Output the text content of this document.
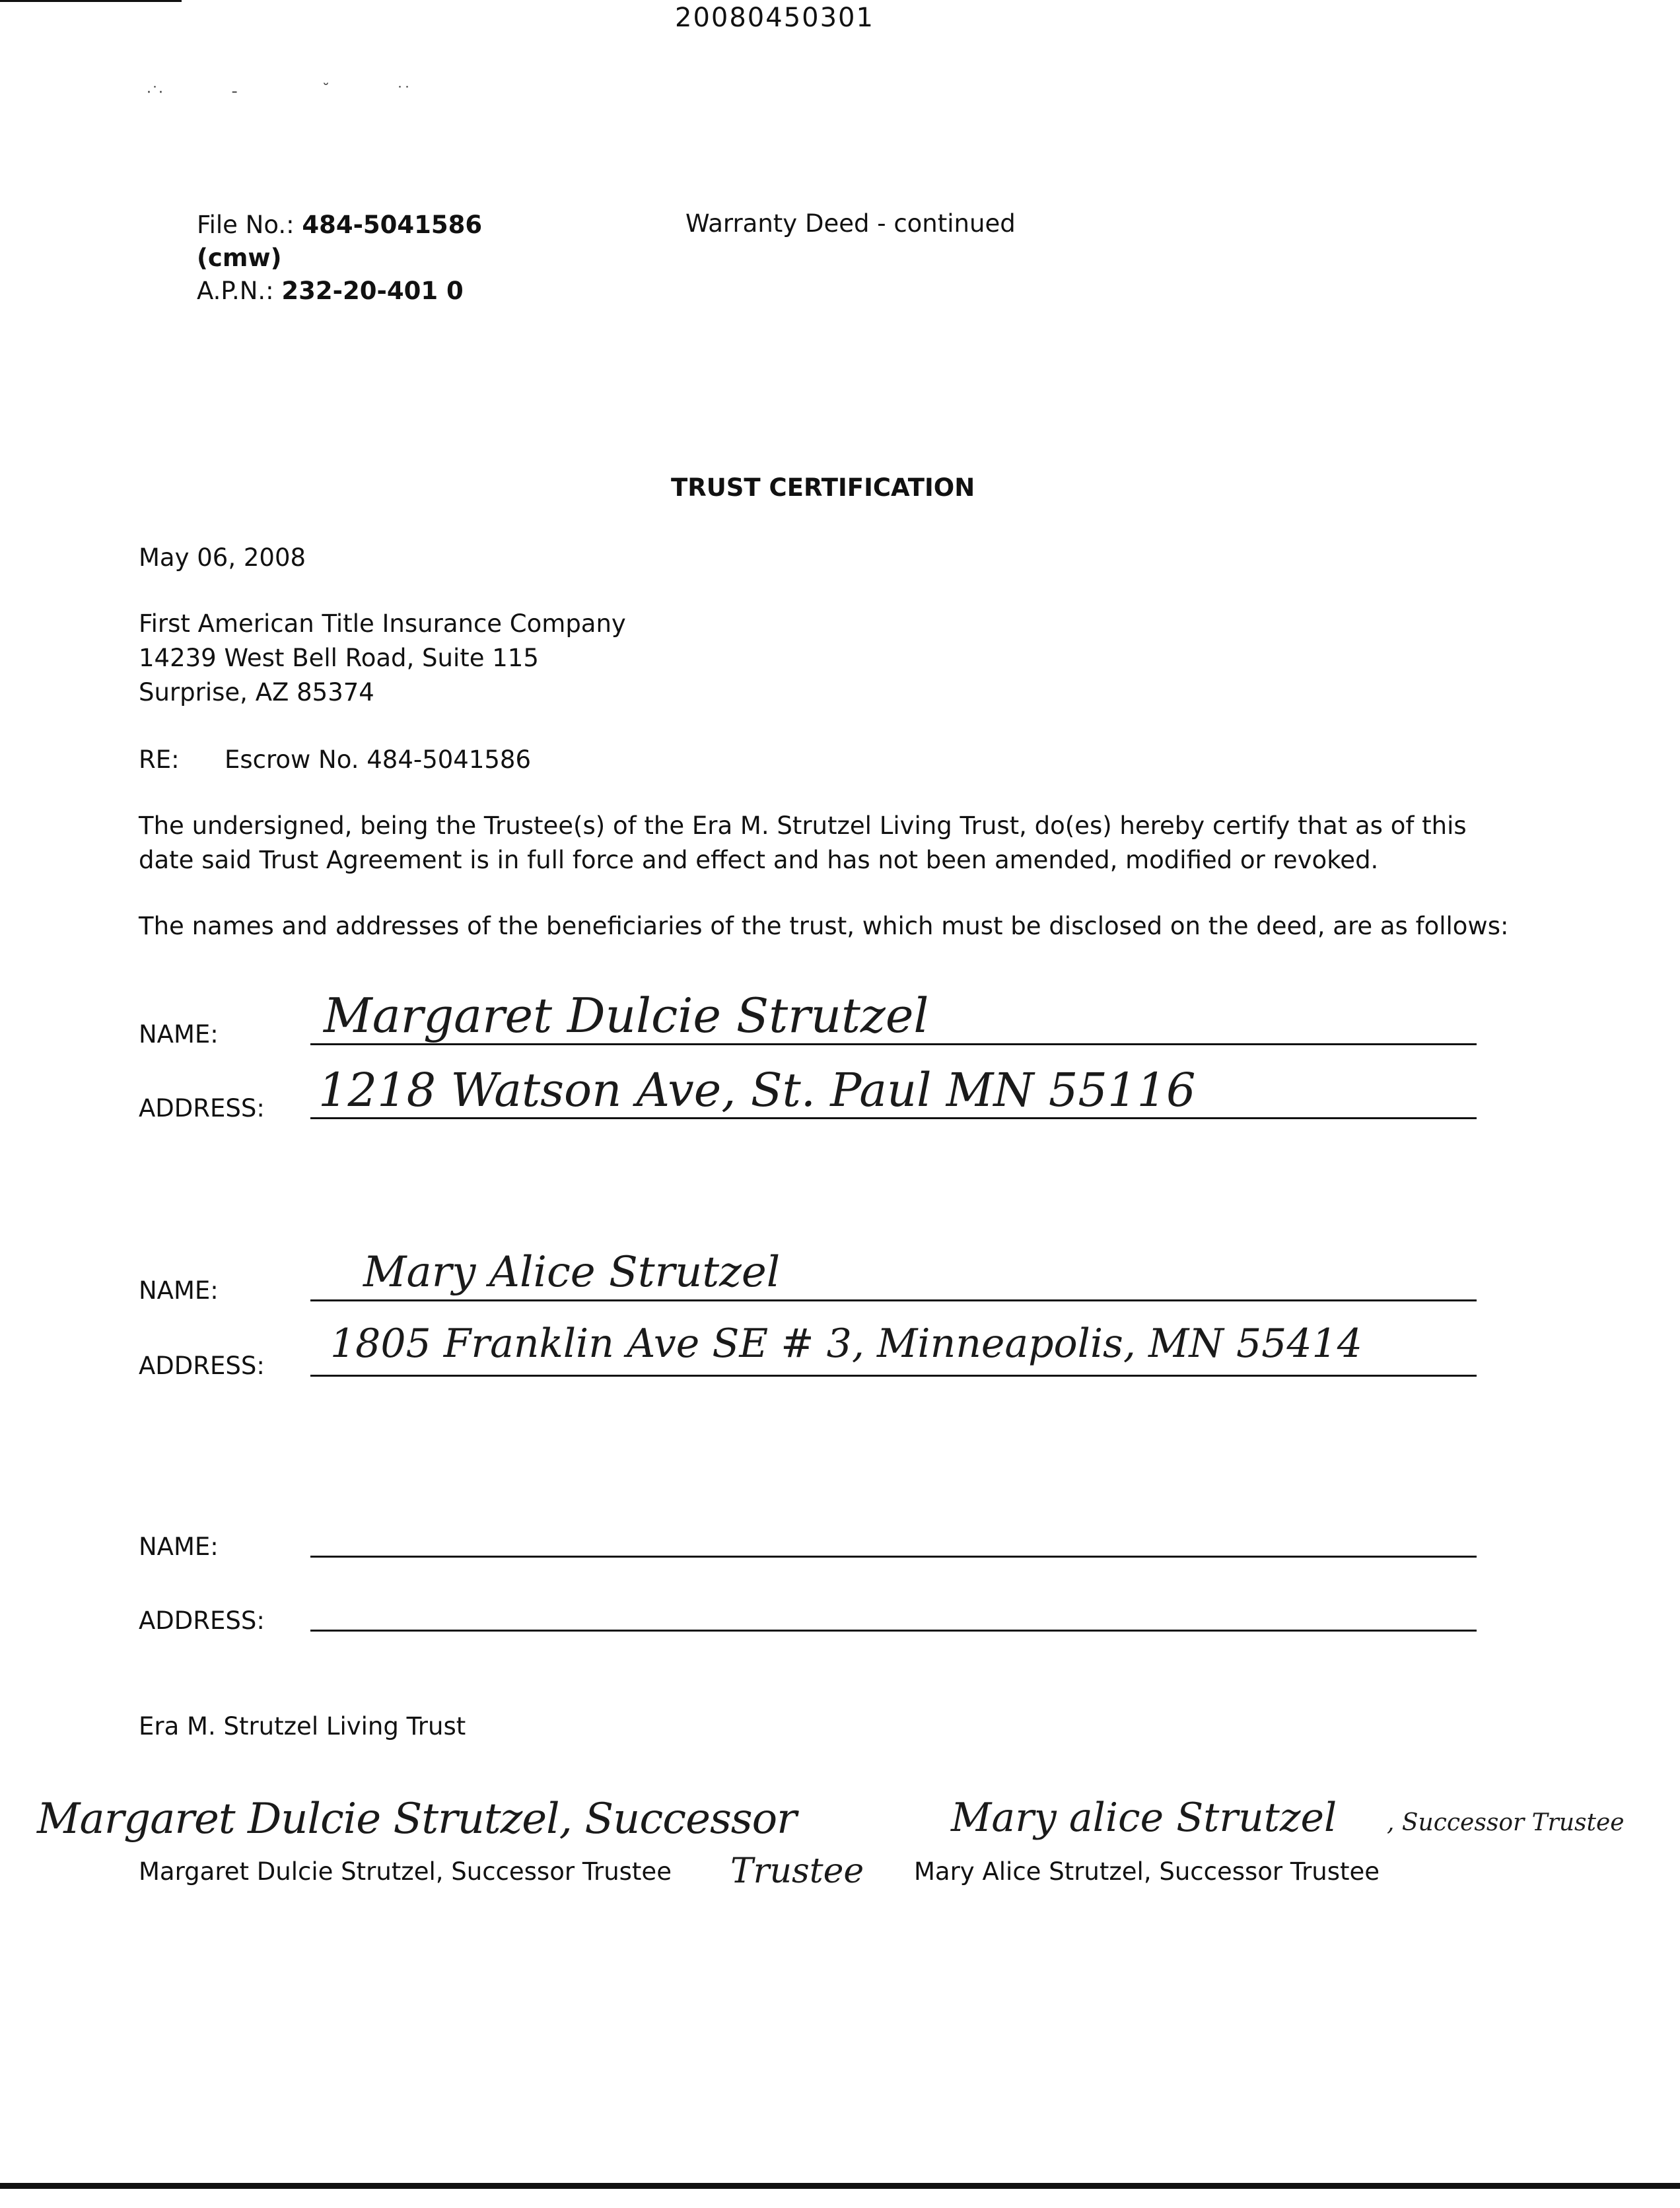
20080450301
·˙·	╴	˘	˙˙
File No.: 484-5041586
(cmw)
A.P.N.: 232-20-401 0
Warranty Deed - continued
TRUST CERTIFICATION
May 06, 2008
First American Title Insurance Company
14239 West Bell Road, Suite 115
Surprise, AZ 85374
RE: Escrow No. 484-5041586
The undersigned, being the Trustee(s) of the Era M. Strutzel Living Trust, do(es) hereby certify that as of this
date said Trust Agreement is in full force and effect and has not been amended, modified or revoked.
The names and addresses of the beneficiaries of the trust, which must be disclosed on the deed, are as follows:
NAME: Margaret Dulcie Strutzel
ADDRESS: 1218 Watson Ave, St. Paul MN 55116
NAME:	Mary Alice Strutzel
ADDRESS: 1805 Franklin Ave SE # 3, Minneapolis, MN 55414
NAME:
ADDRESS:
Era M. Strutzel Living Trust
Margaret Dulcie Strutzel, Successor
Trustee
Mary alice Strutzel , Successor Trustee
Margaret Dulcie Strutzel, Successor Trustee	Mary Alice Strutzel, Successor Trustee
